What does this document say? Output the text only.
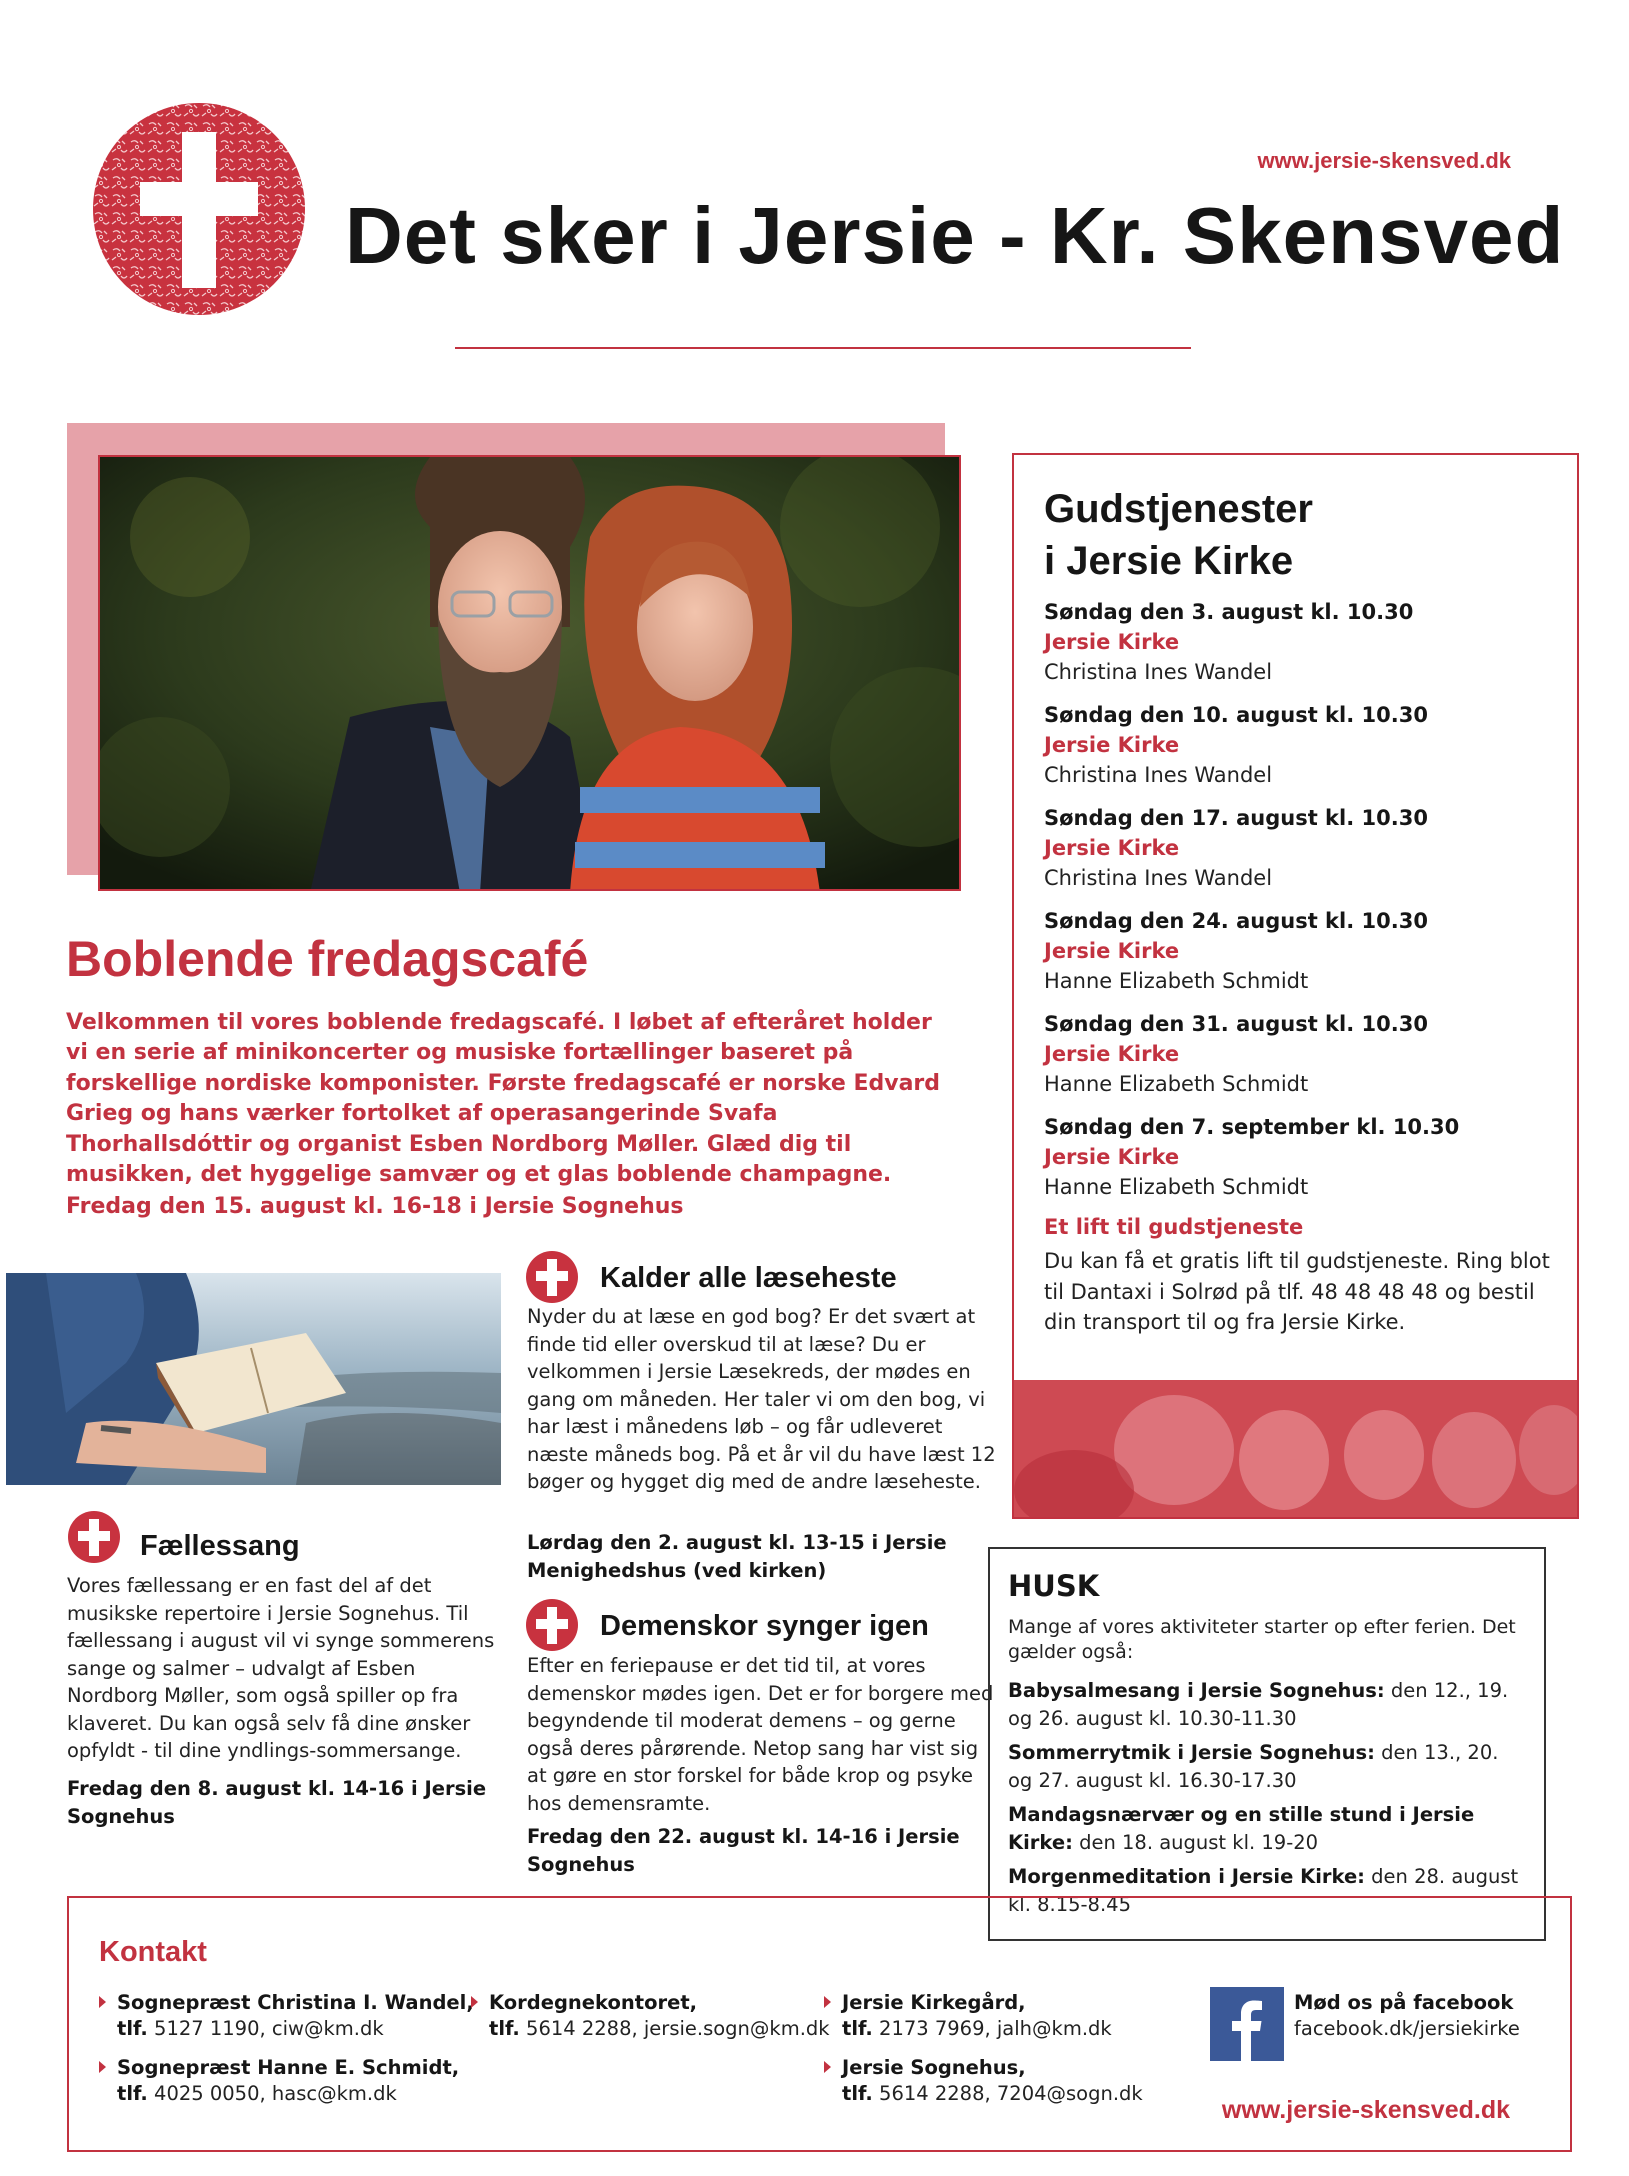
www.jersie-skensved.dk
Det sker i Jersie - Kr. Skensved
Boblende fredagscafé
Velkommen til vores boblende fredagscafé. I løbet af efteråret holder vi en serie af minikoncerter og musiske fortællinger baseret på forskellige nordiske komponister. Første fredagscafé er norske Edvard Grieg og hans værker fortolket af operasangerinde Svafa Thorhallsdóttir og organist Esben Nordborg Møller. Glæd dig til musikken, det hyggelige samvær og et glas boblende champagne.
Fredag den 15. august kl. 16-18 i Jersie Sognehus
Fællessang
Vores fællessang er en fast del af det musikske repertoire i Jersie Sognehus. Til fællessang i august vil vi synge sommerens sange og salmer – udvalgt af Esben Nordborg Møller, som også spiller op fra klaveret. Du kan også selv få dine ønsker opfyldt - til dine yndlings-sommersange.
Fredag den 8. august kl. 14-16 i Jersie Sognehus
Kalder alle læseheste
Nyder du at læse en god bog? Er det svært at finde tid eller overskud til at læse? Du er velkommen i Jersie Læsekreds, der mødes en gang om måneden. Her taler vi om den bog, vi har læst i månedens løb – og får udleveret næste måneds bog. På et år vil du have læst 12 bøger og hygget dig med de andre læseheste.
Lørdag den 2. august kl. 13-15 i Jersie Menighedshus (ved kirken)
Demenskor synger igen
Efter en feriepause er det tid til, at vores demenskor mødes igen. Det er for borgere med begyndende til moderat demens – og gerne også deres pårørende. Netop sang har vist sig at gøre en stor forskel for både krop og psyke hos demensramte.
Fredag den 22. august kl. 14-16 i Jersie Sognehus
Gudstjenester
i Jersie Kirke
Søndag den 3. august kl. 10.30
Jersie Kirke
Christina Ines Wandel
Søndag den 10. august kl. 10.30
Jersie Kirke
Christina Ines Wandel
Søndag den 17. august kl. 10.30
Jersie Kirke
Christina Ines Wandel
Søndag den 24. august kl. 10.30
Jersie Kirke
Hanne Elizabeth Schmidt
Søndag den 31. august kl. 10.30
Jersie Kirke
Hanne Elizabeth Schmidt
Søndag den 7. september kl. 10.30
Jersie Kirke
Hanne Elizabeth Schmidt
Et lift til gudstjeneste
Du kan få et gratis lift til gudstjeneste. Ring blot til Dantaxi i Solrød på tlf. 48 48 48 48 og bestil din transport til og fra Jersie Kirke.
HUSK
Mange af vores aktiviteter starter op efter ferien. Det gælder også:
Babysalmesang i Jersie Sognehus: den 12., 19. og 26. august kl. 10.30-11.30
Sommerrytmik i Jersie Sognehus: den 13., 20. og 27. august kl. 16.30-17.30
Mandagsnærvær og en stille stund i Jersie Kirke: den 18. august kl. 19-20
Morgenmeditation i Jersie Kirke: den 28. august kl. 8.15-8.45
Kontakt
Sognepræst Christina I. Wandel,
tlf. 5127 1190, ciw@km.dk
Sognepræst Hanne E. Schmidt,
tlf. 4025 0050, hasc@km.dk
Kordegnekontoret,
tlf. 5614 2288, jersie.sogn@km.dk
Jersie Kirkegård,
tlf. 2173 7969, jalh@km.dk
Jersie Sognehus,
tlf. 5614 2288, 7204@sogn.dk
Mød os på facebook
facebook.dk/jersiekirke
www.jersie-skensved.dk
